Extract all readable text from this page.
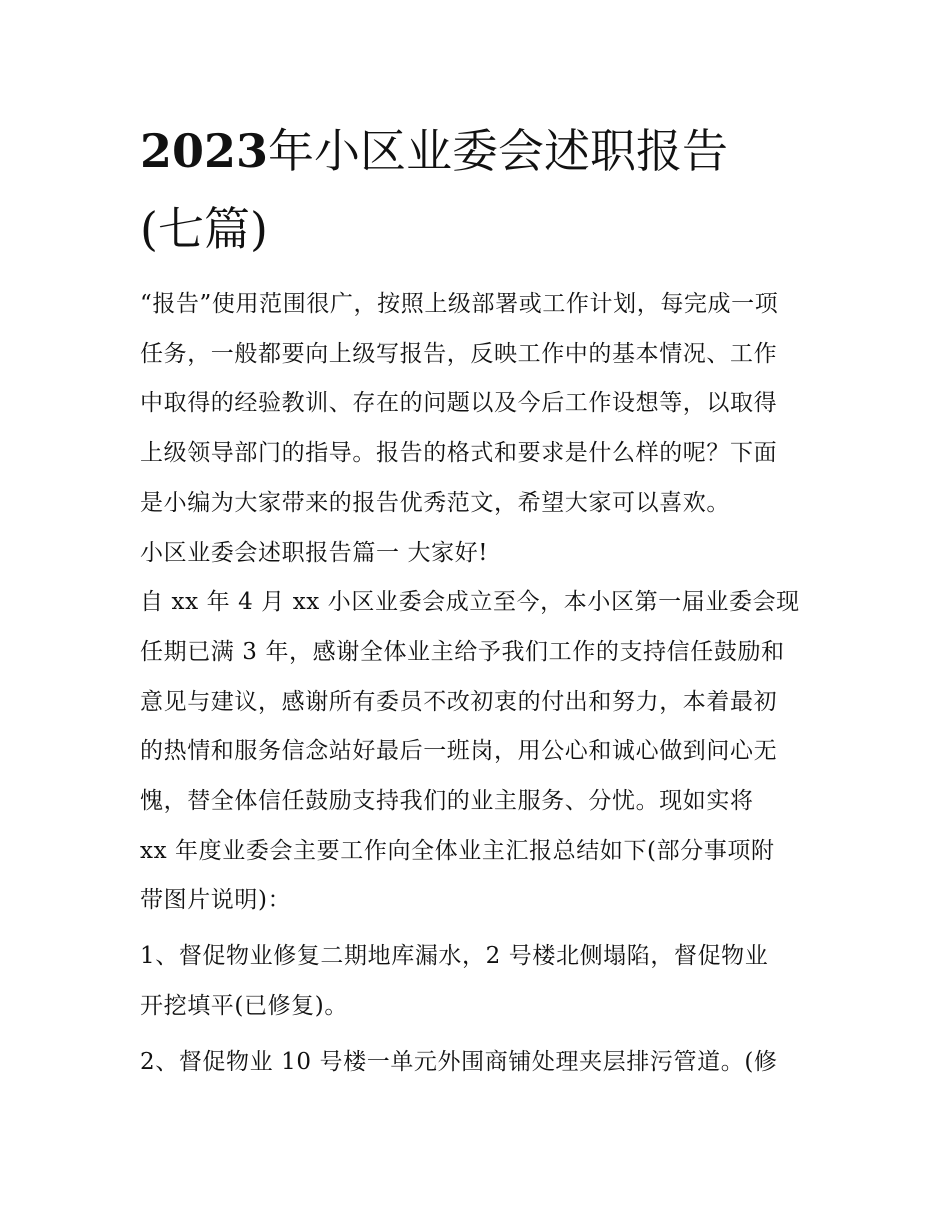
2023年小区业委会述职报告
(七篇)

“报告”使用范围很广，按照上级部署或工作计划，每完成一项

任务，一般都要向上级写报告，反映工作中的基本情况、工作

中取得的经验教训、存在的问题以及今后工作设想等，以取得

上级领导部门的指导。报告的格式和要求是什么样的呢？下面

是小编为大家带来的报告优秀范文，希望大家可以喜欢。

小区业委会述职报告篇一 大家好!

自 xx 年 4 月 xx 小区业委会成立至今，本小区第一届业委会现

任期已满 3 年，感谢全体业主给予我们工作的支持信任鼓励和

意见与建议，感谢所有委员不改初衷的付出和努力，本着最初

的热情和服务信念站好最后一班岗，用公心和诚心做到问心无

愧，替全体信任鼓励支持我们的业主服务、分忧。现如实将

xx 年度业委会主要工作向全体业主汇报总结如下(部分事项附

带图片说明)：

1、督促物业修复二期地库漏水，2 号楼北侧塌陷，督促物业

开挖填平(已修复)。

2、督促物业 10 号楼一单元外围商铺处理夹层排污管道。(修
